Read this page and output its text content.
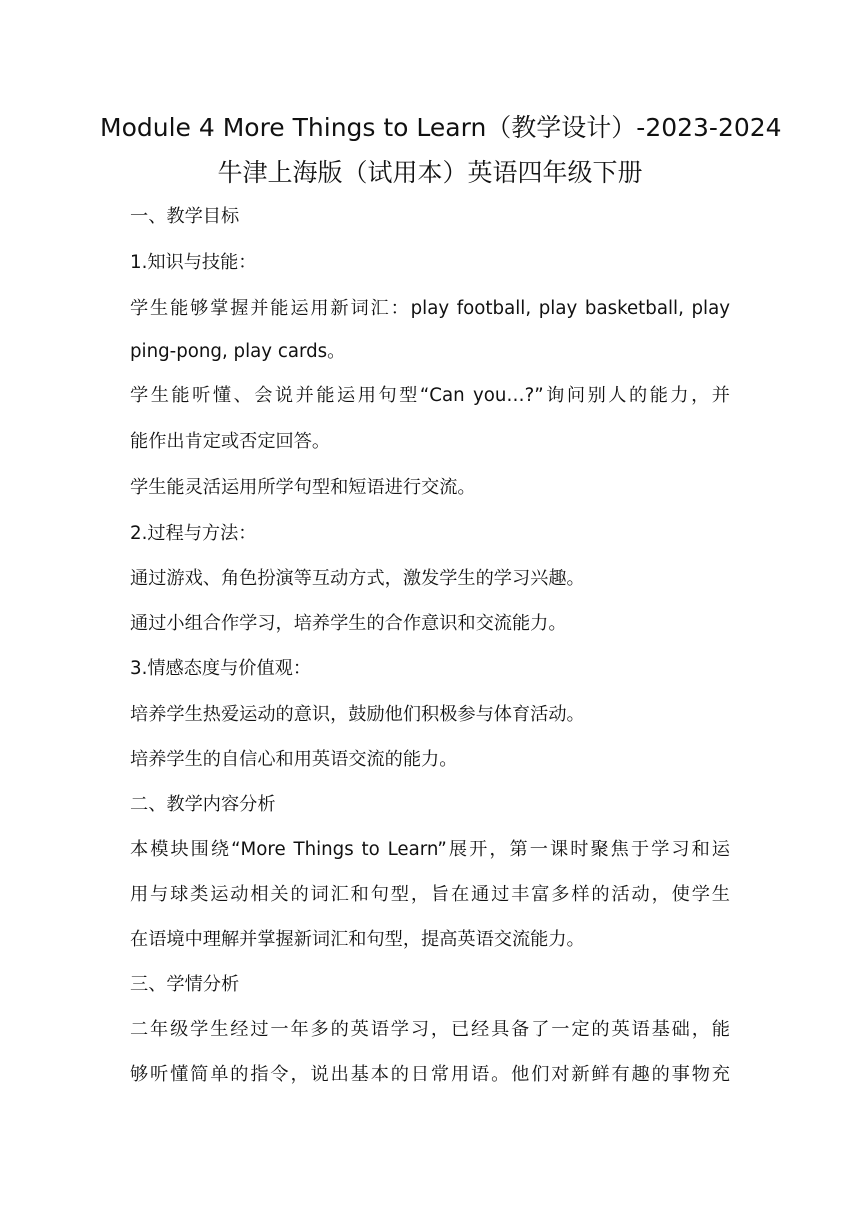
Module 4 More Things to Learn（教学设计）-2023-2024
牛津上海版（试用本）英语四年级下册
一、教学目标
1.知识与技能：
学生能够掌握并能运用新词汇：play football, play basketball, play
ping-pong, play cards。
学生能听懂、会说并能运用句型“Can you…?”询问别人的能力，并
能作出肯定或否定回答。
学生能灵活运用所学句型和短语进行交流。
2.过程与方法：
通过游戏、角色扮演等互动方式，激发学生的学习兴趣。
通过小组合作学习，培养学生的合作意识和交流能力。
3.情感态度与价值观：
培养学生热爱运动的意识，鼓励他们积极参与体育活动。
培养学生的自信心和用英语交流的能力。
二、教学内容分析
本模块围绕“More Things to Learn”展开，第一课时聚焦于学习和运
用与球类运动相关的词汇和句型，旨在通过丰富多样的活动，使学生
在语境中理解并掌握新词汇和句型，提高英语交流能力。
三、学情分析
二年级学生经过一年多的英语学习，已经具备了一定的英语基础，能
够听懂简单的指令，说出基本的日常用语。他们对新鲜有趣的事物充
